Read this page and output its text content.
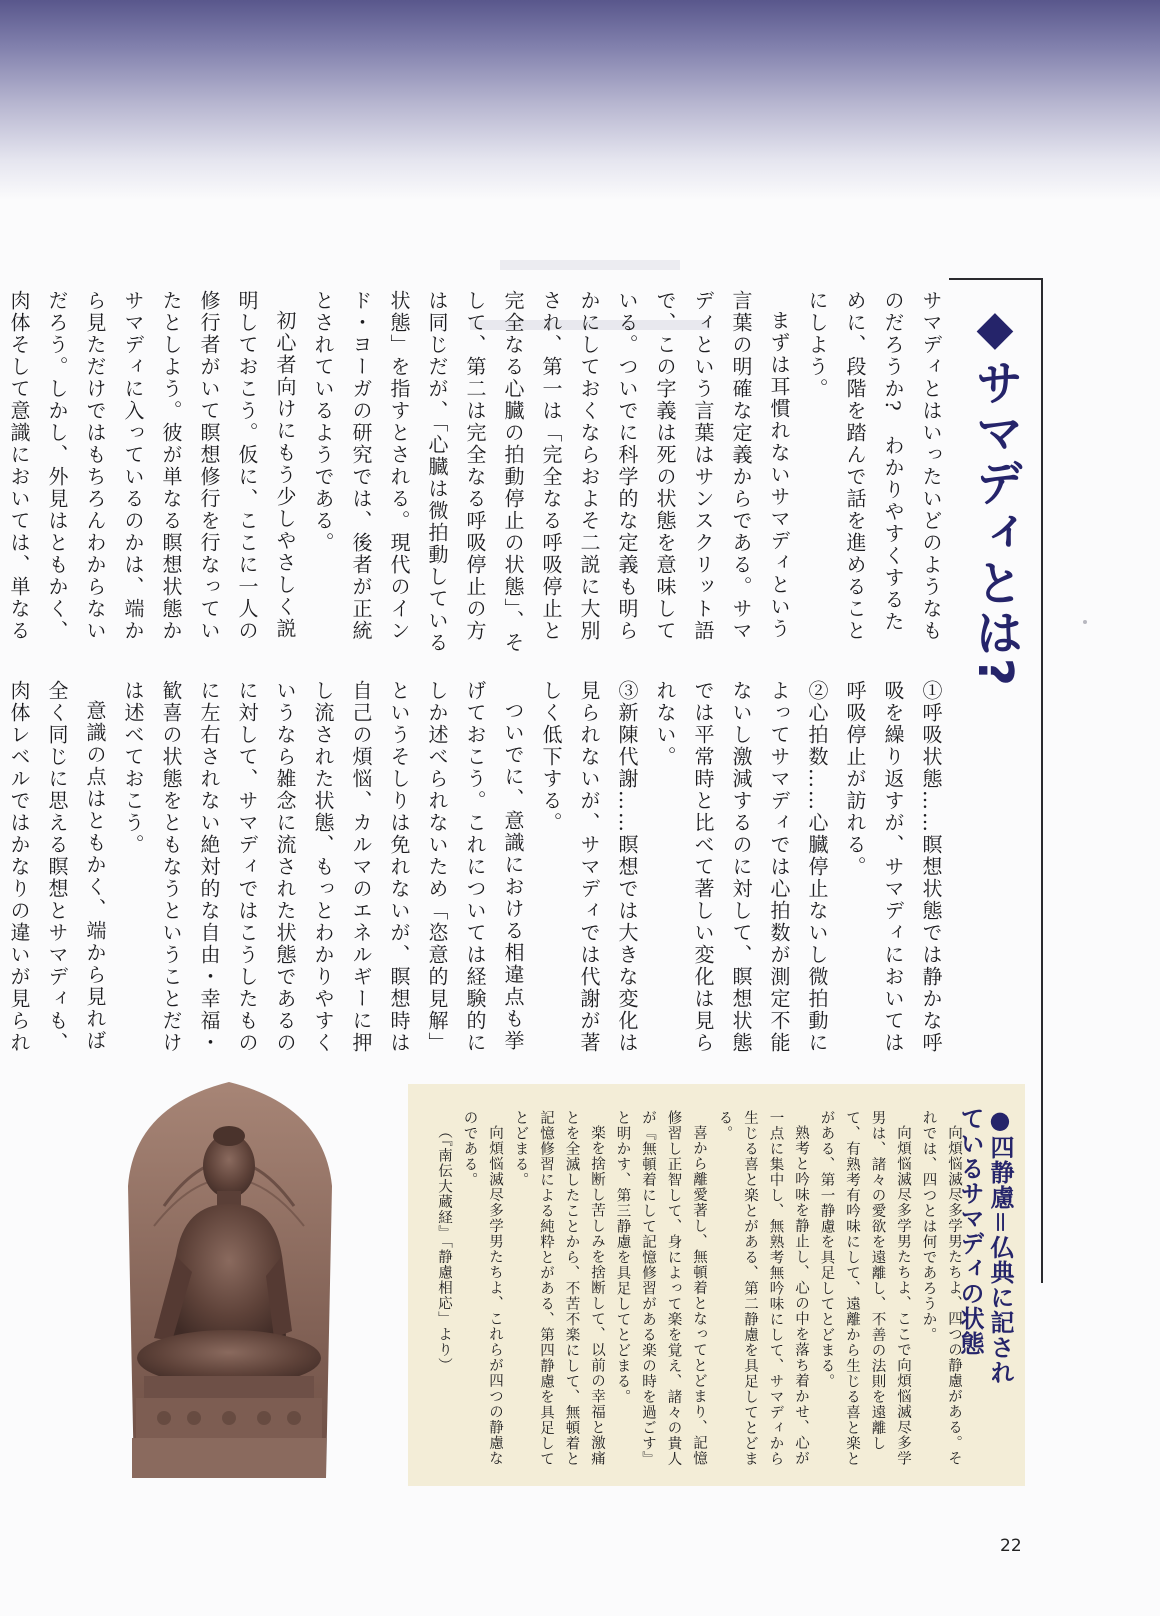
◆サマディとは?

サマディとはいったいどのようなものだろうか?　わかりやすくするために、段階を踏んで話を進めることにしよう。

まずは耳慣れないサマディという言葉の明確な定義からである。サマディという言葉はサンスクリット語で、この字義は死の状態を意味している。ついでに科学的な定義も明らかにしておくならおよそ二説に大別され、第一は「完全なる呼吸停止と完全なる心臓の拍動停止の状態」、そして、第二は完全なる呼吸停止の方は同じだが、「心臓は微拍動している状態」を指すとされる。現代のインド・ヨーガの研究では、後者が正統とされているようである。

初心者向けにもう少しやさしく説明しておこう。仮に、ここに一人の修行者がいて瞑想修行を行なっていたとしよう。彼が単なる瞑想状態かサマディに入っているのかは、端から見ただけではもちろんわからないだろう。しかし、外見はともかく、肉体そして意識においては、単なる

①呼吸状態……瞑想状態では静かな呼吸を繰り返すが、サマディにおいては呼吸停止が訪れる。

②心拍数……心臓停止ないし微拍動によってサマディでは心拍数が測定不能ないし激減するのに対して、瞑想状態では平常時と比べて著しい変化は見られない。

③新陳代謝……瞑想では大きな変化は見られないが、サマディでは代謝が著しく低下する。

ついでに、意識における相違点も挙げておこう。これについては経験的にしか述べられないため「恣意的見解」というそしりは免れないが、瞑想時は自己の煩悩、カルマのエネルギーに押し流された状態、もっとわかりやすくいうなら雑念に流された状態であるのに対して、サマディではこうしたものに左右されない絶対的な自由・幸福・歓喜の状態をともなうということだけは述べておこう。

意識の点はともかく、端から見れば全く同じに思える瞑想とサマディも、肉体レベルではかなりの違いが見られ

●四静慮＝仏典に記されているサマディの状態

向煩悩滅尽多学男たちよ、四つの静慮がある。それでは、四つとは何であろうか。

向煩悩滅尽多学男たちよ、ここで向煩悩滅尽多学男は、諸々の愛欲を遠離し、不善の法則を遠離して、有熟考有吟味にして、遠離から生じる喜と楽とがある、第一静慮を具足してとどまる。

熟考と吟味を静止し、心の中を落ち着かせ、心が一点に集中し、無熟考無吟味にして、サマディから生じる喜と楽とがある、第二静慮を具足してとどまる。

喜から離愛著し、無頓着となってとどまり、記憶修習し正智して、身によって楽を覚え、諸々の貴人が『無頓着にして記憶修習がある楽の時を過ごす』と明かす、第三静慮を具足してとどまる。

楽を捨断し苦しみを捨断して、以前の幸福と激痛とを全滅したことから、不苦不楽にして、無頓着と記憶修習による純粋とがある、第四静慮を具足してとどまる。

向煩悩滅尽多学男たちよ、これらが四つの静慮なのである。

（『南伝大蔵経』「静慮相応」より）

22
